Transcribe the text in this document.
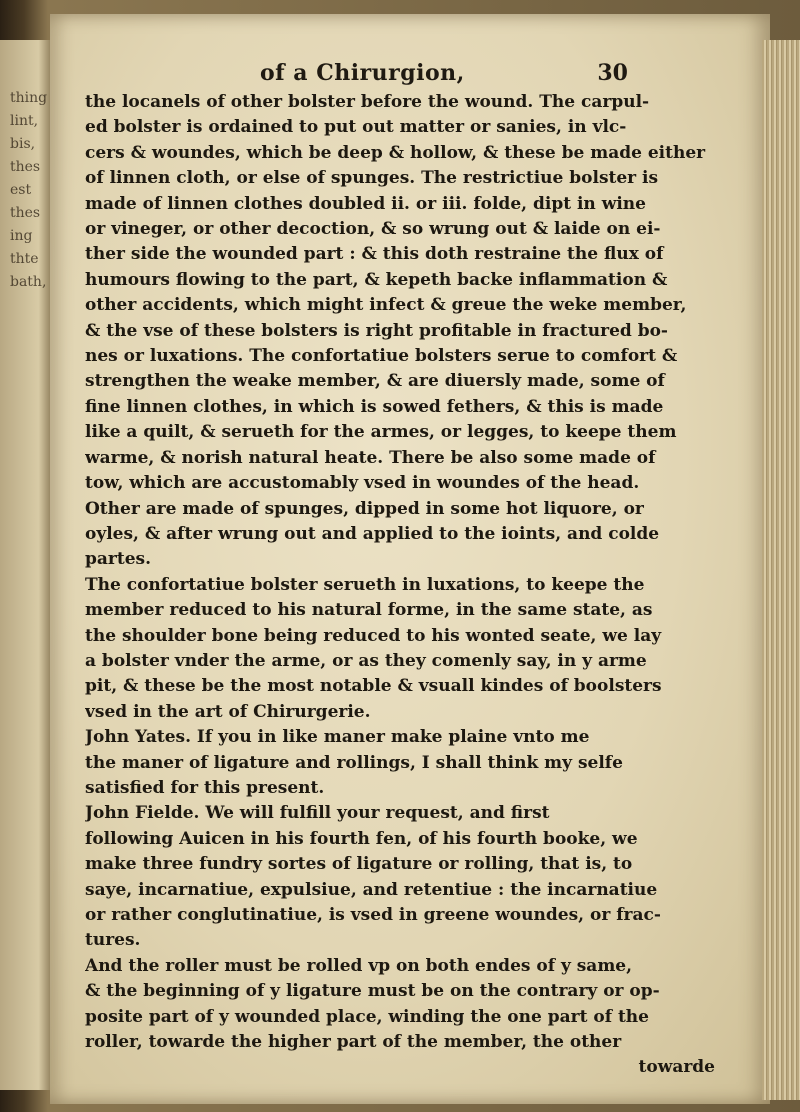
thing
lint,
bis,
thes
est
thes
ing
thte
bath,
of a Chirurgion,	30
the locanels of other bolster before the wound. The carpul-
ed bolster is ordained to put out matter or sanies, in vlc-
cers & woundes, which be deep & hollow, & these be made either
of linnen cloth, or else of spunges. The restrictiue bolster is
made of linnen clothes doubled ii. or iii. folde, dipt in wine
or vineger, or other decoction, & so wrung out & laide on ei-
ther side the wounded part : & this doth restraine the flux of
humours flowing to the part, & kepeth backe inflammation &
other accidents, which might infect & greue the weke member,
& the vse of these bolsters is right profitable in fractured bo-
nes or luxations. The confortatiue bolsters serue to comfort &
strengthen the weake member, & are diuersly made, some of
fine linnen clothes, in which is sowed fethers, & this is made
like a quilt, & serueth for the armes, or legges, to keepe them
warme, & norish natural heate. There be also some made of
tow, which are accustomably vsed in woundes of the head.
Other are made of spunges, dipped in some hot liquore, or
oyles, & after wrung out and applied to the ioints, and colde
partes.
The confortatiue bolster serueth in luxations, to keepe the
member reduced to his natural forme, in the same state, as
the shoulder bone being reduced to his wonted seate, we lay
a bolster vnder the arme, or as they comenly say, in y arme
pit, & these be the most notable & vsuall kindes of boolsters
vsed in the art of Chirurgerie.
John Yates. If you in like maner make plaine vnto me
the maner of ligature and rollings, I shall think my selfe
satisfied for this present.
John Fielde. We will fulfill your request, and first
following Auicen in his fourth fen, of his fourth booke, we
make three fundry sortes of ligature or rolling, that is, to
saye, incarnatiue, expulsiue, and retentiue : the incarnatiue
or rather conglutinatiue, is vsed in greene woundes, or frac-
tures.
And the roller must be rolled vp on both endes of y same,
& the beginning of y ligature must be on the contrary or op-
posite part of y wounded place, winding the one part of the
roller, towarde the higher part of the member, the other
towarde
